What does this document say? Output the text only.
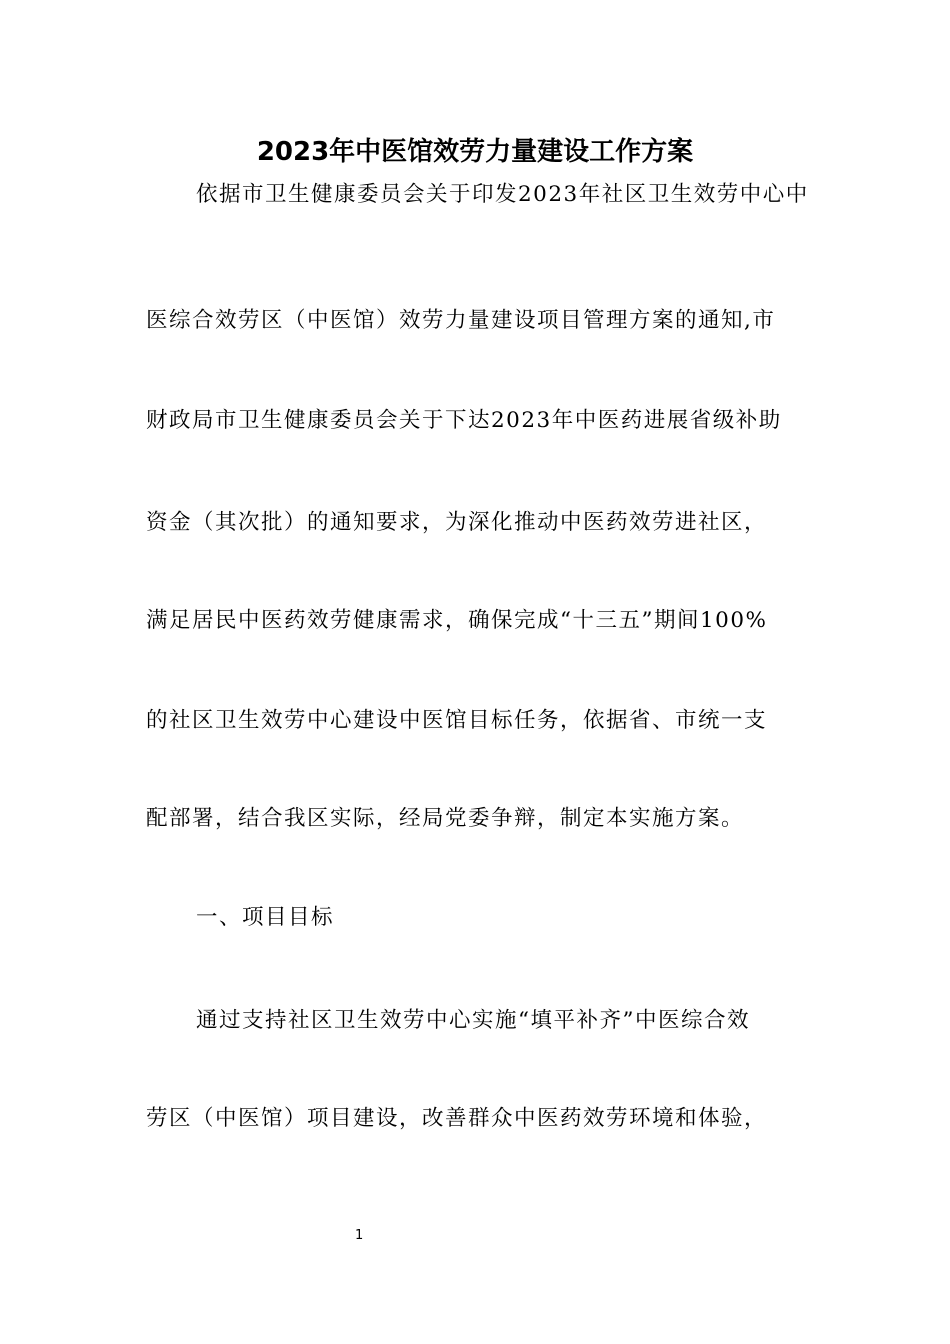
2023年中医馆效劳力量建设工作方案
依据市卫生健康委员会关于印发2023年社区卫生效劳中心中
医综合效劳区（中医馆）效劳力量建设项目管理方案的通知,市
财政局市卫生健康委员会关于下达2023年中医药进展省级补助
资金（其次批）的通知要求，为深化推动中医药效劳进社区，
满足居民中医药效劳健康需求，确保完成“十三五”期间100%
的社区卫生效劳中心建设中医馆目标任务，依据省、市统一支
配部署，结合我区实际，经局党委争辩，制定本实施方案。
一、项目目标
通过支持社区卫生效劳中心实施“填平补齐”中医综合效
劳区（中医馆）项目建设，改善群众中医药效劳环境和体验，
1
